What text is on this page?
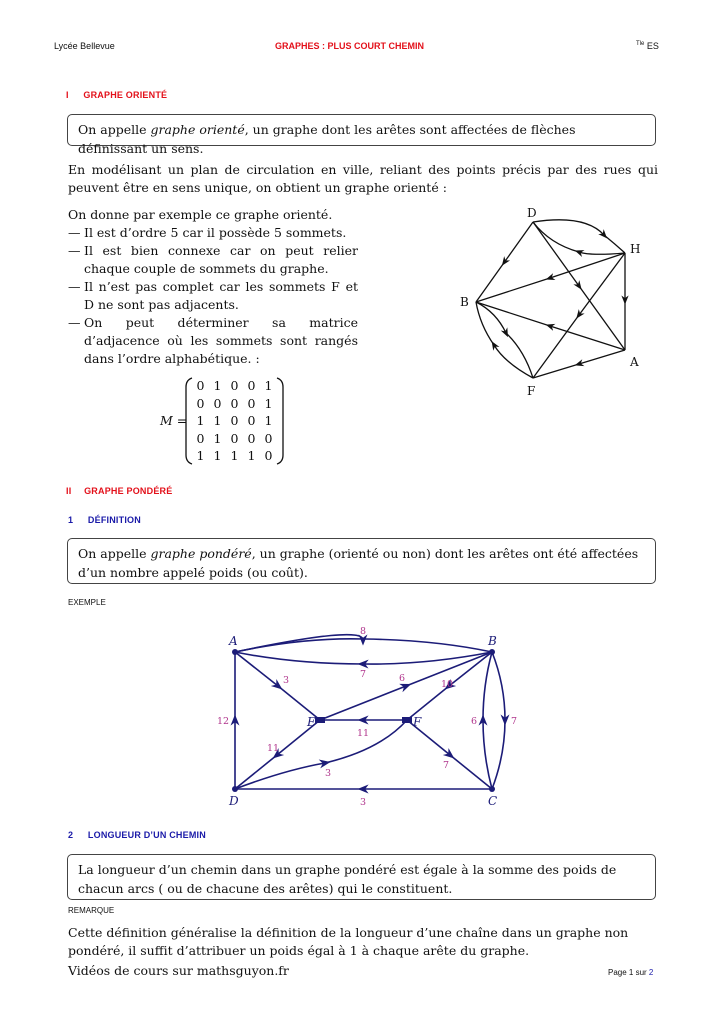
Lycée Bellevue	GRAPHES : PLUS COURT CHEMIN	$^{Tle}$ ES
I GRAPHE ORIENTÉ
On appelle graphe orienté, un graphe dont les arêtes sont affectées de flèches définissant un sens.
En modélisant un plan de circulation en ville, reliant des points précis par des rues qui peuvent être en sens unique, on obtient un graphe orienté :
On donne par exemple ce graphe orienté.
— Il est d’ordre 5 car il possède 5 sommets.
— Il est bien connexe car on peut relier chaque couple de sommets du graphe.
— Il n’est pas complet car les sommets F et D ne sont pas adjacents.
— On peut déterminer sa matrice d’adjacence où les sommets sont rangés dans l’ordre alphabétique. :
M =
0 1 0 0 1
0 0 0 0 1
1 1 0 0 1
0 1 0 0 0
1 1 1 1 0
D
H
B
A
F
II GRAPHE PONDÉRÉ
1 DÉFINITION
On appelle graphe pondéré, un graphe (orienté ou non) dont les arêtes ont été affectées d’un nombre appelé poids (ou coût).
EXEMPLE
A	B
E	F
D	C
8
7
3	6
10
12
11
11
3
7
6	7
3
2 LONGUEUR D’UN CHEMIN
La longueur d’un chemin dans un graphe pondéré est égale à la somme des poids de chacun arcs ( ou de chacune des arêtes) qui le constituent.
REMARQUE
Cette définition généralise la définition de la longueur d’une chaîne dans un graphe non pondéré, il suffit d’attribuer un poids égal à 1 à chaque arête du graphe.
Vidéos de cours sur mathsguyon.fr	Page 1 sur 2
